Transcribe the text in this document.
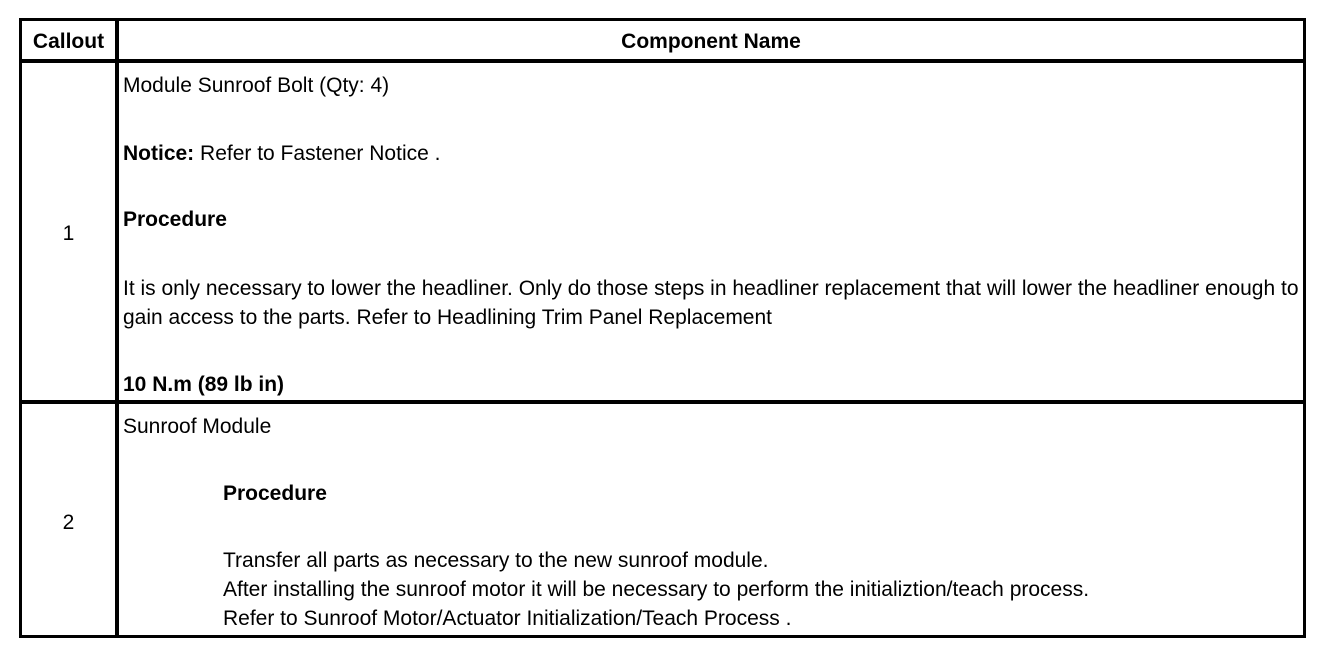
Callout	Component Name
1
Module Sunroof Bolt (Qty: 4)
Notice: Refer to Fastener Notice .
Procedure
It is only necessary to lower the headliner. Only do those steps in headliner replacement that will lower the headliner enough to gain access to the parts. Refer to Headlining Trim Panel Replacement
10 N.m (89 lb in)
2
Sunroof Module
Procedure
Transfer all parts as necessary to the new sunroof module.
After installing the sunroof motor it will be necessary to perform the initializtion/teach process.
Refer to Sunroof Motor/Actuator Initialization/Teach Process .
